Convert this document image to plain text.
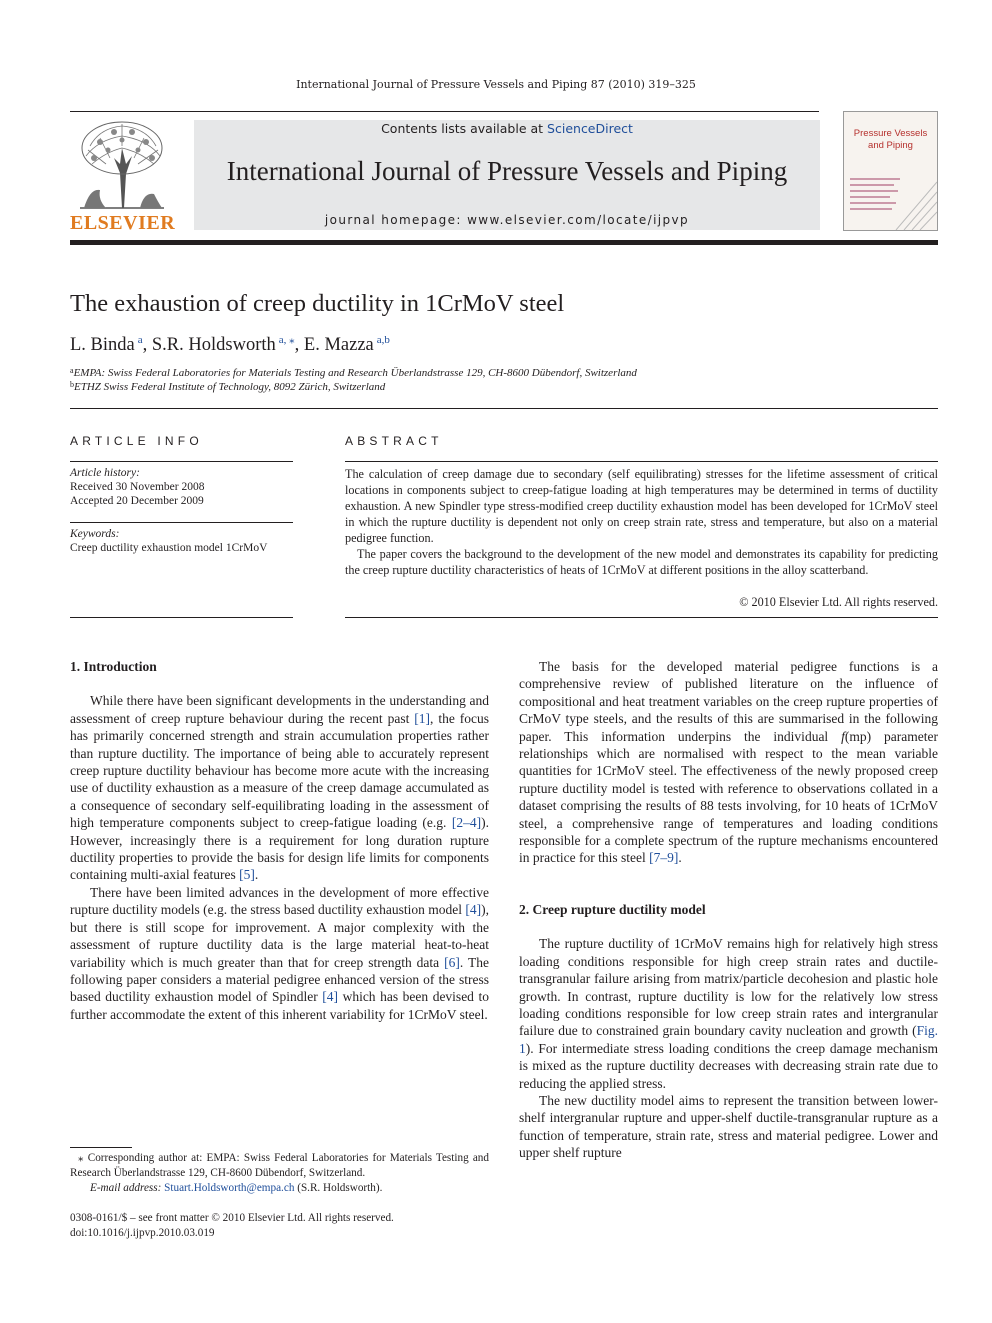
International Journal of Pressure Vessels and Piping 87 (2010) 319–325
ELSEVIER
Contents lists available at ScienceDirect
International Journal of Pressure Vessels and Piping
journal homepage: www.elsevier.com/locate/ijpvp
Pressure Vessels and Piping
The exhaustion of creep ductility in 1CrMoV steel
L. Binda $^a$, S.R. Holdsworth $^{a, ⁎}$, E. Mazza $^{a,b}$
$^a$EMPA: Swiss Federal Laboratories for Materials Testing and Research Überlandstrasse 129, CH-8600 Dübendorf, Switzerland
$^b$ETHZ Swiss Federal Institute of Technology, 8092 Zürich, Switzerland
ARTICLE INFO
Article history:
Received 30 November 2008
Accepted 20 December 2009
Keywords:
Creep ductility exhaustion model 1CrMoV
ABSTRACT

The calculation of creep damage due to secondary (self equilibrating) stresses for the lifetime assessment of critical locations in components subject to creep-fatigue loading at high temperatures may be determined in terms of ductility exhaustion. A new Spindler type stress-modified creep ductility exhaustion model has been developed for 1CrMoV steel in which the rupture ductility is dependent not only on creep strain rate, stress and temperature, but also on a material pedigree function.

The paper covers the background to the development of the new model and demonstrates its capability for predicting the creep rupture ductility characteristics of heats of 1CrMoV at different positions in the alloy scatterband.

© 2010 Elsevier Ltd. All rights reserved.
1. Introduction

While there have been significant developments in the understanding and assessment of creep rupture behaviour during the recent past [1], the focus has primarily concerned strength and strain accumulation properties rather than rupture ductility. The importance of being able to accurately represent creep rupture ductility behaviour has become more acute with the increasing use of ductility exhaustion as a measure of the creep damage accumulated as a consequence of secondary self-equilibrating loading in the assessment of high temperature components subject to creep-fatigue loading (e.g. [2–4]). However, increasingly there is a requirement for long duration rupture ductility properties to provide the basis for design life limits for components containing multi-axial features [5].

There have been limited advances in the development of more effective rupture ductility models (e.g. the stress based ductility exhaustion model [4]), but there is still scope for improvement. A major complexity with the assessment of rupture ductility data is the large material heat-to-heat variability which is much greater than that for creep strength data [6]. The following paper considers a material pedigree enhanced version of the stress based ductility exhaustion model of Spindler [4] which has been devised to further accommodate the extent of this inherent variability for 1CrMoV steel.

The basis for the developed material pedigree functions is a comprehensive review of published literature on the influence of compositional and heat treatment variables on the creep rupture properties of CrMoV type steels, and the results of this are summarised in the following paper. This information underpins the individual f(mp) parameter relationships which are normalised with respect to the mean variable quantities for 1CrMoV steel. The effectiveness of the newly proposed creep rupture ductility model is tested with reference to observations collated in a dataset comprising the results of 88 tests involving, for 10 heats of 1CrMoV steel, a comprehensive range of temperatures and loading conditions responsible for a complete spectrum of the rupture mechanisms encountered in practice for this steel [7–9].

2. Creep rupture ductility model

The rupture ductility of 1CrMoV remains high for relatively high stress loading conditions responsible for high creep strain rates and ductile-transgranular failure arising from matrix/particle decohesion and plastic hole growth. In contrast, rupture ductility is low for the relatively low stress loading conditions responsible for low creep strain rates and intergranular failure due to constrained grain boundary cavity nucleation and growth (Fig. 1). For intermediate stress loading conditions the creep damage mechanism is mixed as the rupture ductility decreases with decreasing strain rate due to reducing the applied stress.

The new ductility model aims to represent the transition between lower-shelf intergranular rupture and upper-shelf ductile-transgranular rupture as a function of temperature, strain rate, stress and material pedigree. Lower and upper shelf rupture

⁎ Corresponding author at: EMPA: Swiss Federal Laboratories for Materials Testing and Research Überlandstrasse 129, CH-8600 Dübendorf, Switzerland.

E-mail address: Stuart.Holdsworth@empa.ch (S.R. Holdsworth).

0308-0161/$ – see front matter © 2010 Elsevier Ltd. All rights reserved.
doi:10.1016/j.ijpvp.2010.03.019
